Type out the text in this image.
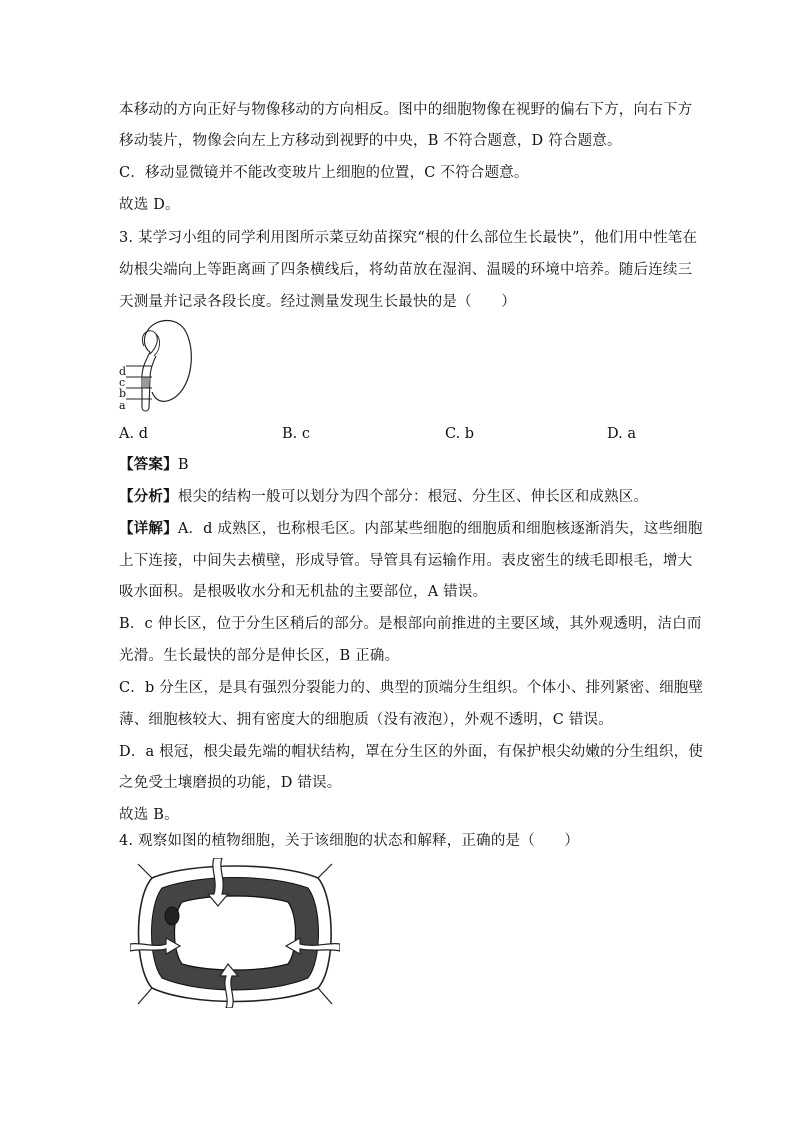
本移动的方向正好与物像移动的方向相反。图中的细胞物像在视野的偏右下方，向右下方
移动装片，物像会向左上方移动到视野的中央，B 不符合题意，D 符合题意。
C．移动显微镜并不能改变玻片上细胞的位置，C 不符合题意。
故选 D。
3. 某学习小组的同学利用图所示菜豆幼苗探究“根的什么部位生长最快”，他们用中性笔在
幼根尖端向上等距离画了四条横线后，将幼苗放在湿润、温暖的环境中培养。随后连续三
天测量并记录各段长度。经过测量发现生长最快的是（　　）
d
c
b
a
A. d	B. c	C. b	D. a
【答案】B
【分析】根尖的结构一般可以划分为四个部分：根冠、分生区、伸长区和成熟区。
【详解】A．d 成熟区，也称根毛区。内部某些细胞的细胞质和细胞核逐渐消失，这些细胞
上下连接，中间失去横壁，形成导管。导管具有运输作用。表皮密生的绒毛即根毛，增大
吸水面积。是根吸收水分和无机盐的主要部位，A 错误。
B．c 伸长区，位于分生区稍后的部分。是根部向前推进的主要区域，其外观透明，洁白而
光滑。生长最快的部分是伸长区，B 正确。
C．b 分生区，是具有强烈分裂能力的、典型的顶端分生组织。个体小、排列紧密、细胞壁
薄、细胞核较大、拥有密度大的细胞质（没有液泡），外观不透明，C 错误。
D．a 根冠，根尖最先端的帽状结构，罩在分生区的外面，有保护根尖幼嫩的分生组织，使
之免受土壤磨损的功能，D 错误。
故选 B。
4. 观察如图的植物细胞，关于该细胞的状态和解释，正确的是（　　）
